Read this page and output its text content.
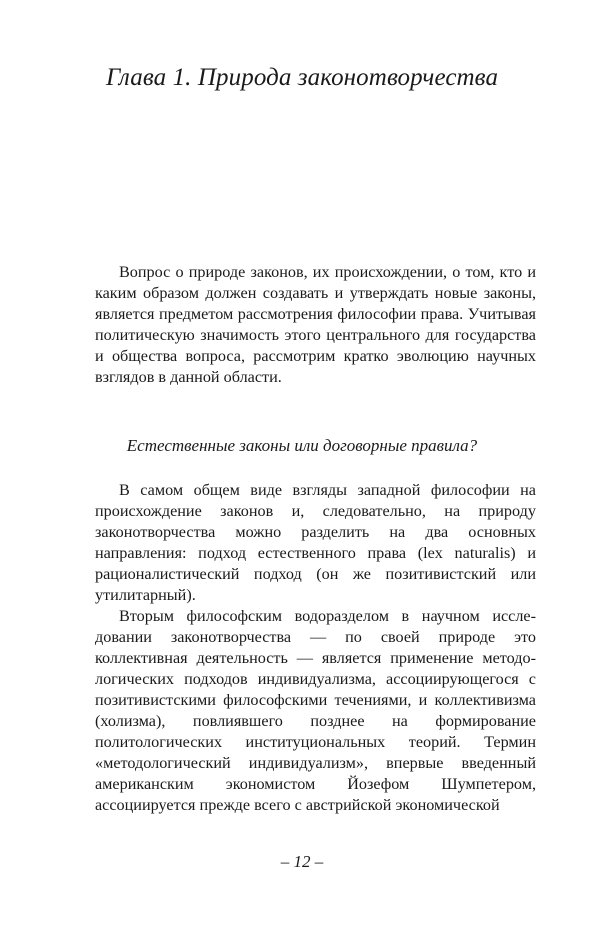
Глава 1. Природа законотворчества

Вопрос о природе законов, их происхождении, о том, кто и каким образом должен создавать и утверждать новые законы, является предметом рассмотрения философии права. Учитывая политическую значимость этого центрального для государства и общества вопроса, рассмотрим кратко эволюцию научных взглядов в данной области.

Естественные законы или договорные правила?

В самом общем виде взгляды западной философии на происхождение законов и, следовательно, на природу законотворчества можно разделить на два основных направления: подход естественного права (lex naturalis) и рационалистический подход (он же позитивистский или утилитарный).

Вторым философским водоразделом в научном исследовании законотворчества — по своей природе это коллективная деятельность — является применение методологических подходов индивидуализма, ассоциирующегося с позитивистскими философскими течениями, и коллективизма (холизма), повлиявшего позднее на формирование политологических институциональных теорий. Термин «методологический индивидуализм», впервые введенный американским экономистом Йозефом Шумпетером, ассоциируется прежде всего с австрийской экономической

– 12 –
